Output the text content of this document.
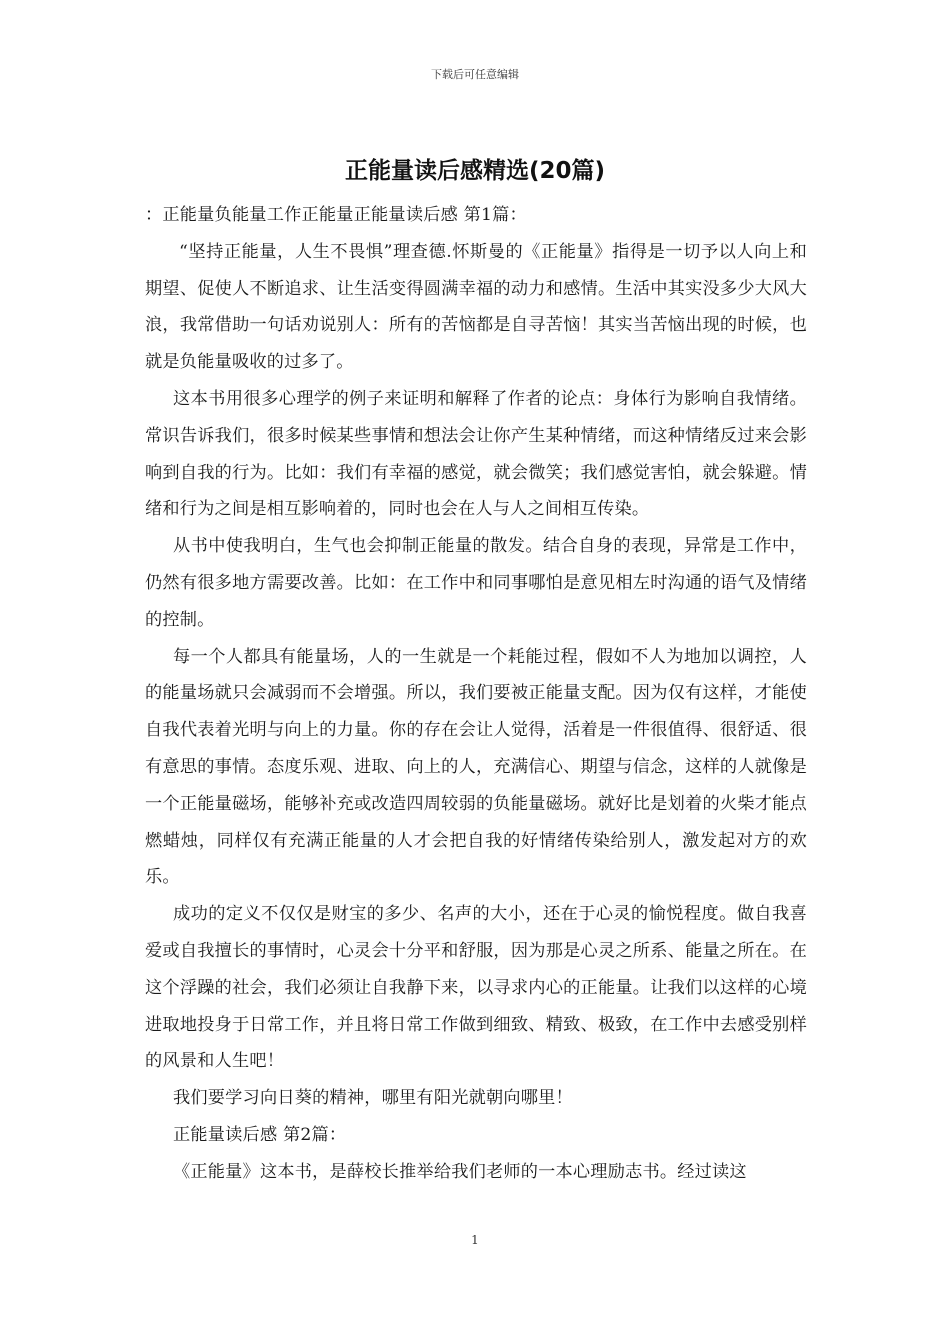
下载后可任意编辑
正能量读后感精选(20篇)

：正能量负能量工作正能量正能量读后感 第1篇：

“坚持正能量，人生不畏惧”理查德.怀斯曼的《正能量》指得是一切予以人向上和期望、促使人不断追求、让生活变得圆满幸福的动力和感情。生活中其实没多少大风大浪，我常借助一句话劝说别人：所有的苦恼都是自寻苦恼！其实当苦恼出现的时候，也就是负能量吸收的过多了。

这本书用很多心理学的例子来证明和解释了作者的论点：身体行为影响自我情绪。常识告诉我们，很多时候某些事情和想法会让你产生某种情绪，而这种情绪反过来会影响到自我的行为。比如：我们有幸福的感觉，就会微笑；我们感觉害怕，就会躲避。情绪和行为之间是相互影响着的，同时也会在人与人之间相互传染。

从书中使我明白，生气也会抑制正能量的散发。结合自身的表现，异常是工作中，仍然有很多地方需要改善。比如：在工作中和同事哪怕是意见相左时沟通的语气及情绪的控制。

每一个人都具有能量场，人的一生就是一个耗能过程，假如不人为地加以调控，人的能量场就只会减弱而不会增强。所以，我们要被正能量支配。因为仅有这样，才能使自我代表着光明与向上的力量。你的存在会让人觉得，活着是一件很值得、很舒适、很有意思的事情。态度乐观、进取、向上的人，充满信心、期望与信念，这样的人就像是一个正能量磁场，能够补充或改造四周较弱的负能量磁场。就好比是划着的火柴才能点燃蜡烛，同样仅有充满正能量的人才会把自我的好情绪传染给别人，激发起对方的欢乐。

成功的定义不仅仅是财宝的多少、名声的大小，还在于心灵的愉悦程度。做自我喜爱或自我擅长的事情时，心灵会十分平和舒服，因为那是心灵之所系、能量之所在。在这个浮躁的社会，我们必须让自我静下来，以寻求内心的正能量。让我们以这样的心境进取地投身于日常工作，并且将日常工作做到细致、精致、极致，在工作中去感受别样的风景和人生吧！

我们要学习向日葵的精神，哪里有阳光就朝向哪里！

正能量读后感 第2篇：

《正能量》这本书，是薛校长推举给我们老师的一本心理励志书。经过读这

1
